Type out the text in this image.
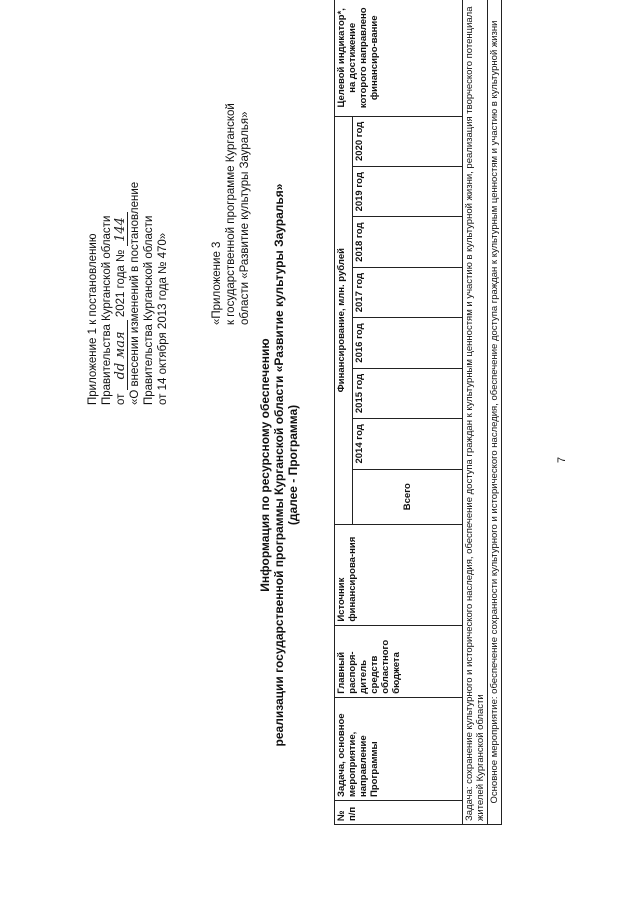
7
Приложение 1 к постановлению Правительства Курганской области от dd мая 2021 года № 144 «О внесении изменений в постановление Правительства Курганской области от 14 октября 2013 года № 470»	«Приложение 3 к государственной программе Курганской области «Развитие культуры Зауралья»
Информация по ресурсному обеспечению реализации государственной программы Курганской области «Развитие культуры Зауралья» (далее - Программа)
№ п/п	Задача, основное мероприятие, направление Программы	Главный распоря-дитель средств областного бюджета	Источник финансирова-ния	Финансирование, млн. рублей								Целевой индикатор*, на достижение которого направлено финансиро-вание
				Всего	2014 год	2015 год	2016 год	2017 год	2018 год	2019 год	2020 год	
Задача: сохранение культурного и исторического наследия, обеспечение доступа граждан к культурным ценностям и участию в культурной жизни, реализация творческого потенциала жителей Курганской области												
Основное мероприятие: обеспечение сохранности культурного и исторического наследия, обеспечение доступа граждан к культурным ценностям и участию в культурной жизни												
